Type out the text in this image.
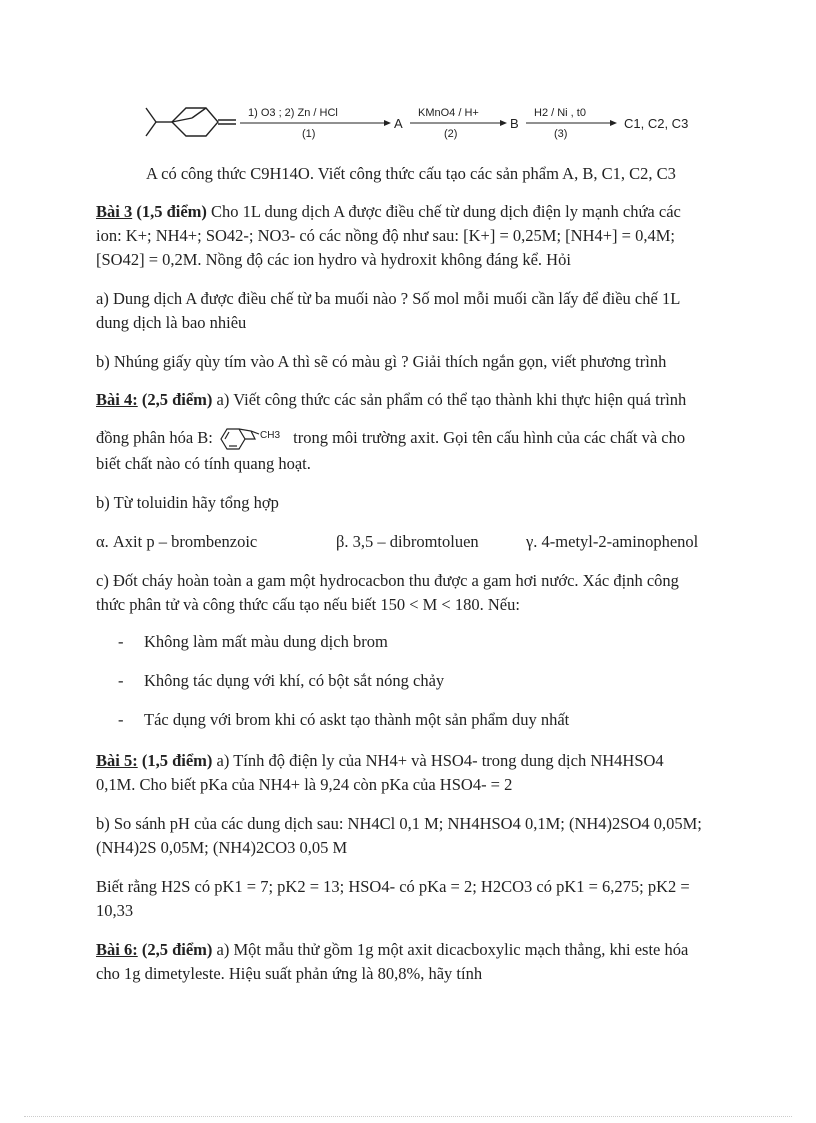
1) O3 ; 2) Zn / HCl
(1)
A
KMnO4 / H+
(2)
B
H2 / Ni , t0
(3)
C1, C2, C3

A có công thức C9H14O. Viết công thức cấu tạo các sản phẩm A, B, C1, C2, C3

Bài 3 (1,5 điểm) Cho 1L dung dịch A được điều chế từ dung dịch điện ly mạnh chứa các

ion: K+; NH4+; SO42-; NO3- có các nồng độ như sau: [K+] = 0,25M; [NH4+] = 0,4M;

[SO42] = 0,2M. Nồng độ các ion hydro và hydroxit không đáng kể. Hỏi

a) Dung dịch A được điều chế từ ba muối nào ? Số mol mỗi muối cần lấy để điều chế 1L

dung dịch là bao nhiêu

b) Nhúng giấy qùy tím vào A thì sẽ có màu gì ? Giải thích ngắn gọn, viết phương trình

Bài 4: (2,5 điểm) a) Viết công thức các sản phẩm có thể tạo thành khi thực hiện quá trình

đồng phân hóa B:	CH3 trong môi trường axit. Gọi tên cấu hình của các chất và cho

biết chất nào có tính quang hoạt.

b) Từ toluidin hãy tổng hợp

α. Axit p – brombenzoic	β. 3,5 – dibromtoluen	γ. 4-metyl-2-aminophenol

c) Đốt cháy hoàn toàn a gam một hydrocacbon thu được a gam hơi nước. Xác định công

thức phân tử và công thức cấu tạo nếu biết 150 < M < 180. Nếu:

- Không làm mất màu dung dịch brom
- Không tác dụng với khí, có bột sắt nóng chảy
- Tác dụng với brom khi có askt tạo thành một sản phẩm duy nhất

Bài 5: (1,5 điểm) a) Tính độ điện ly của NH4+ và HSO4- trong dung dịch NH4HSO4

0,1M. Cho biết pKa của NH4+ là 9,24 còn pKa của HSO4- = 2

b) So sánh pH của các dung dịch sau: NH4Cl 0,1 M; NH4HSO4 0,1M; (NH4)2SO4 0,05M;

(NH4)2S 0,05M; (NH4)2CO3 0,05 M

Biết rằng H2S có pK1 = 7; pK2 = 13; HSO4- có pKa = 2; H2CO3 có pK1 = 6,275; pK2 =

10,33

Bài 6: (2,5 điểm) a) Một mẫu thử gồm 1g một axit dicacboxylic mạch thẳng, khi este hóa

cho 1g dimetyleste. Hiệu suất phản ứng là 80,8%, hãy tính
